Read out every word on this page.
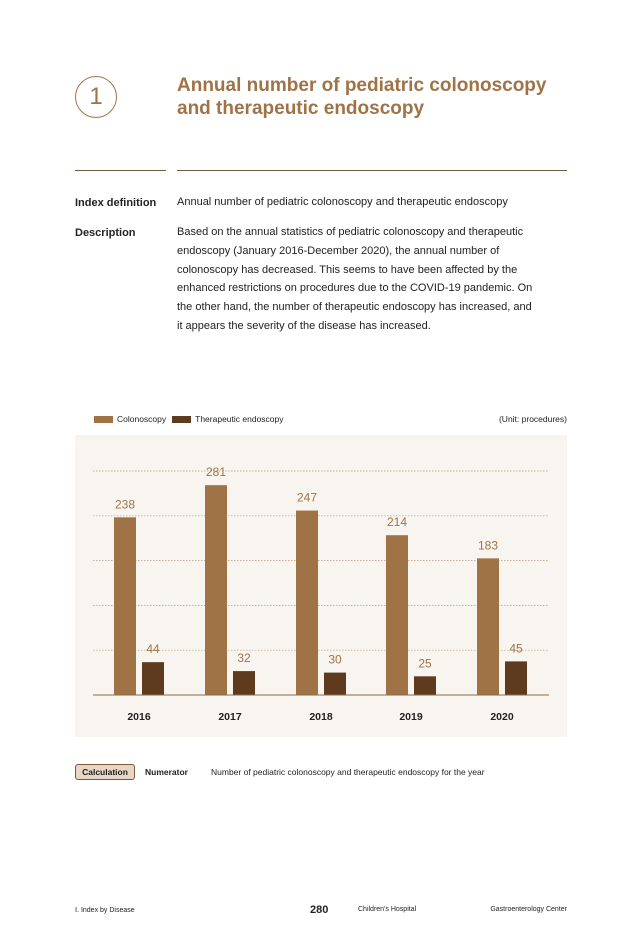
1	Annual number of pediatric colonoscopy and therapeutic endoscopy
Index definition Annual number of pediatric colonoscopy and therapeutic endoscopy
Description	Based on the annual statistics of pediatric colonoscopy and therapeutic
endoscopy (January 2016-December 2020), the annual number of
colonoscopy has decreased. This seems to have been affected by the
enhanced restrictions on procedures due to the COVID-19 pandemic. On
the other hand, the number of therapeutic endoscopy has increased, and
it appears the severity of the disease has increased.
Colonoscopy	Therapeutic endoscopy	(Unit: procedures)
238
44
2016
281
32
2017
247
30
2018
214
25
2019
183
45
2020
Calculation	Numerator	Number of pediatric colonoscopy and therapeutic endoscopy for the year
Ⅰ. Index by Disease	280	Children's Hospital	Gastroenterology Center
